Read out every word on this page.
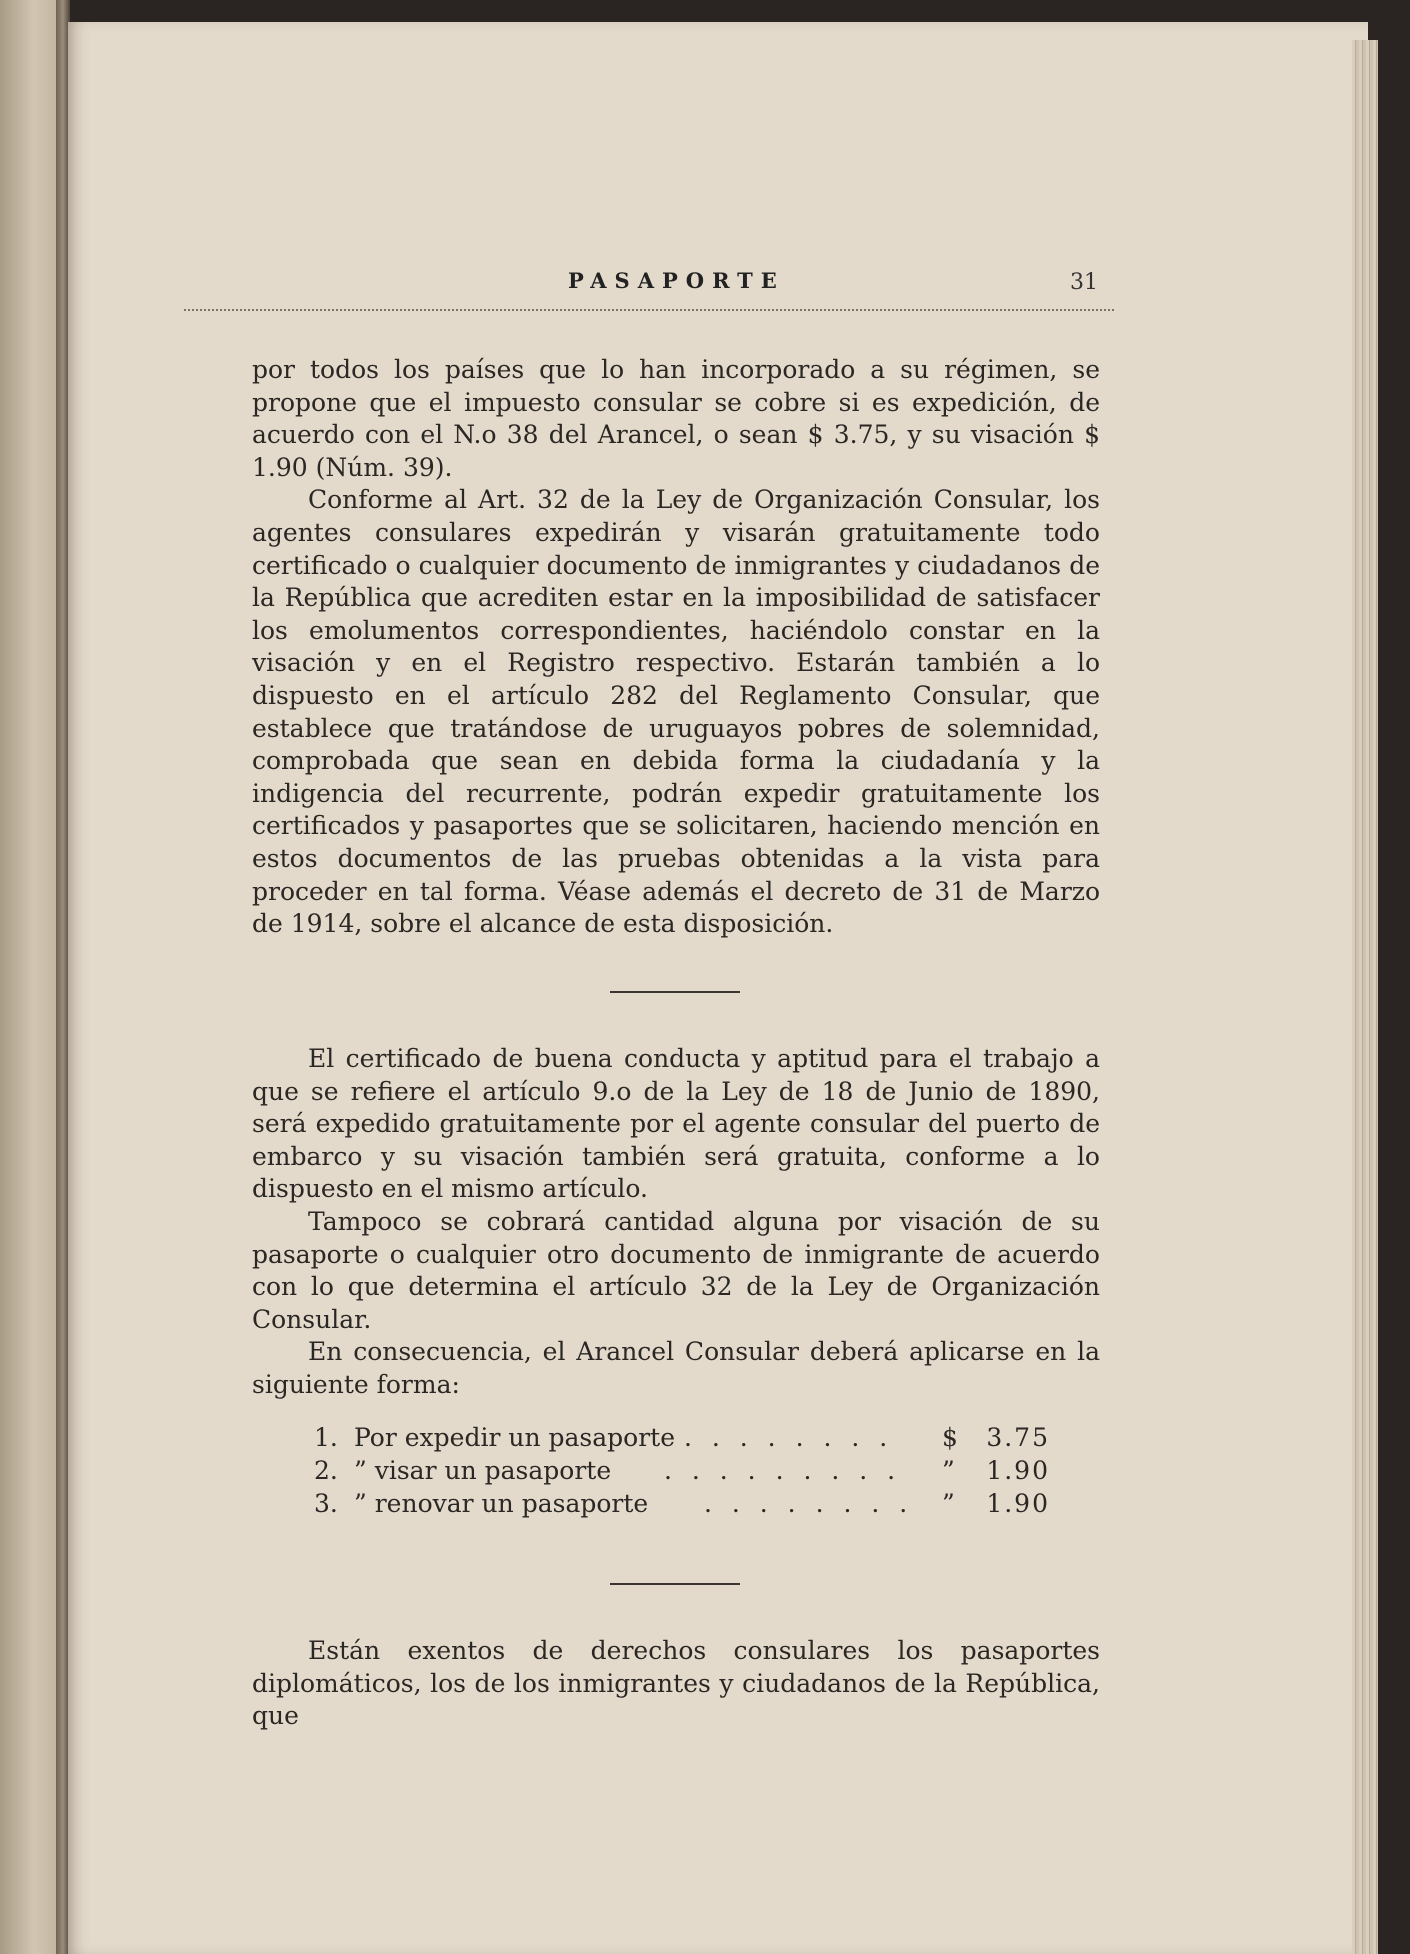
PASAPORTE	31

por todos los países que lo han incorporado a su régimen, se propone que el impuesto consular se cobre si es expedición, de acuerdo con el N.o 38 del Arancel, o sean $ 3.75, y su visación $ 1.90 (Núm. 39).

Conforme al Art. 32 de la Ley de Organización Consular, los agentes consulares expedirán y visarán gratuitamente todo certificado o cualquier documento de inmigrantes y ciudadanos de la República que acrediten estar en la imposibilidad de satisfacer los emolumentos correspondientes, haciéndolo constar en la visación y en el Registro respectivo. Estarán también a lo dispuesto en el artículo 282 del Reglamento Consular, que establece que tratándose de uruguayos pobres de solemnidad, comprobada que sean en debida forma la ciudadanía y la indigencia del recurrente, podrán expedir gratuitamente los certificados y pasaportes que se solicitaren, haciendo mención en estos documentos de las pruebas obtenidas a la vista para proceder en tal forma. Véase además el decreto de 31 de Marzo de 1914, sobre el alcance de esta disposición.

El certificado de buena conducta y aptitud para el trabajo a que se refiere el artículo 9.o de la Ley de 18 de Junio de 1890, será expedido gratuitamente por el agente consular del puerto de embarco y su visación también será gratuita, conforme a lo dispuesto en el mismo artículo.

Tampoco se cobrará cantidad alguna por visación de su pasaporte o cualquier otro documento de inmigrante de acuerdo con lo que determina el artículo 32 de la Ley de Organización Consular.

En consecuencia, el Arancel Consular deberá aplicarse en la siguiente forma:

1. Por expedir un pasaporte . . . . . . . . $ 3.75
2. ” visar un pasaporte . . . . . . . . . ” 1.90
3. ” renovar un pasaporte . . . . . . . . ” 1.90

Están exentos de derechos consulares los pasaportes diplomáticos, los de los inmigrantes y ciudadanos de la República, que
